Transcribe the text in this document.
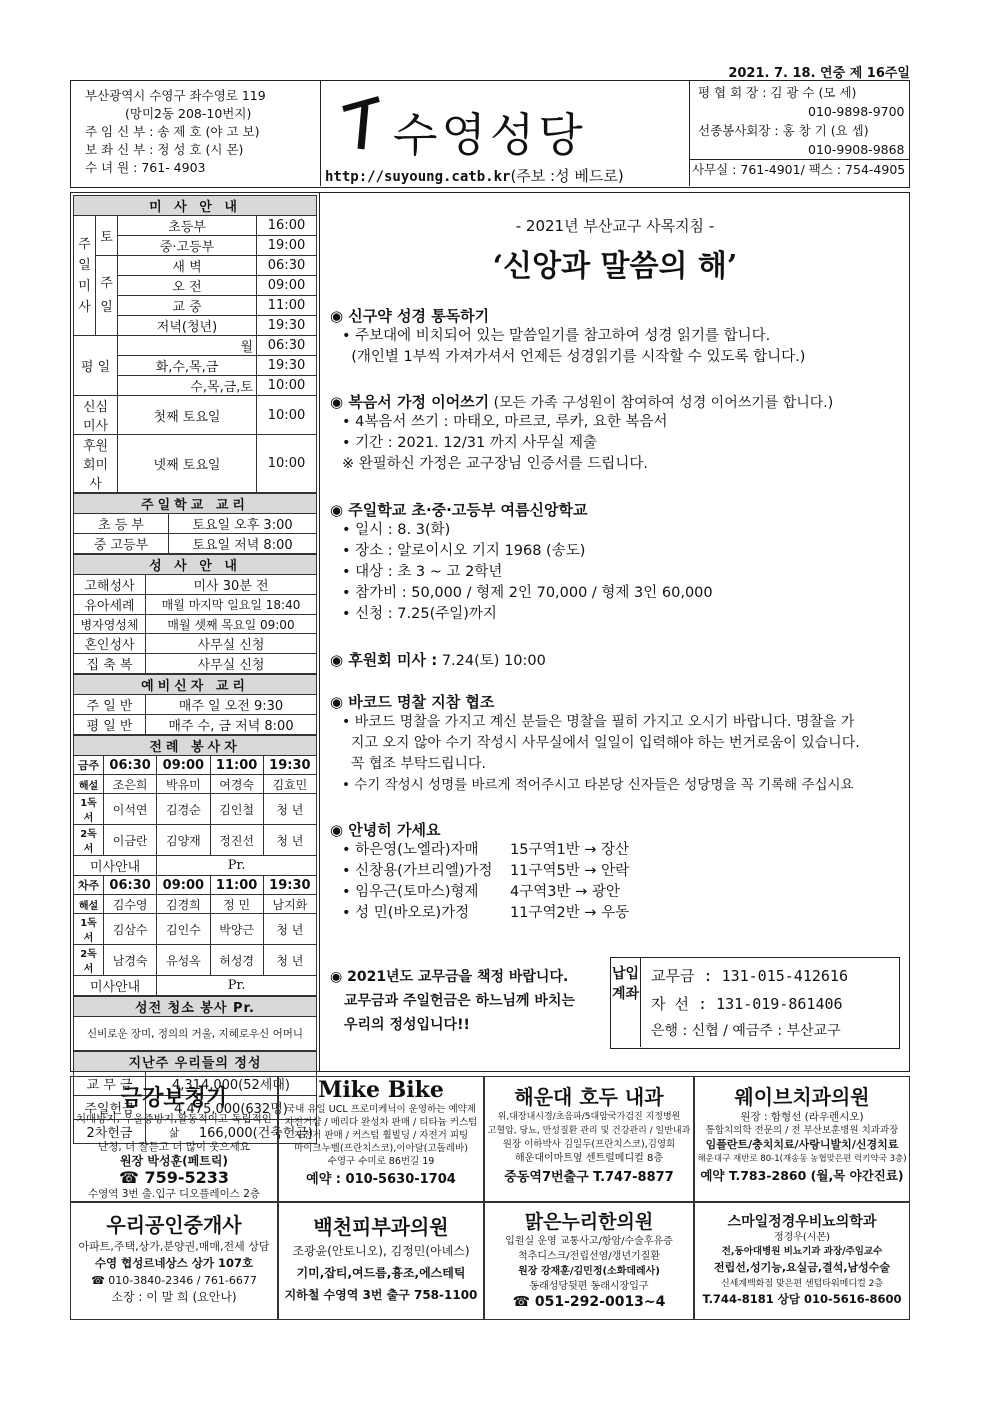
2021. 7. 18. 연중 제 16주일
부산광역시 수영구 좌수영로 119
(망미2동 208-10번지)
주 임 신 부 : 송 제 호 (야 고 보)
보 좌 신 부 : 정 성 호 (시 몬)
수 녀 원 : 761- 4903
수영성당
http://suyoung.catb.kr(주보 :성 베드로)
평 협 회 장 : 김 광 수 (모 세)
010-9898-9700
선종봉사회장 : 홍 창 기 (요 셉)
010-9908-9868
사무실 : 761-4901/ 팩스 : 754-4905
미 사 안 내			
주
일
미
사	토	초등부	16:00
		중·고등부	19:00
	주
일	새 벽	06:30
		오 전	09:00
		교 중	11:00
		저녁(청년)	19:30
평 일		월	06:30
		화,수,목,금	19:30
		수,목,금,토	10:00
신심미사		첫째 토요일	10:00
후원회미사		넷째 토요일	10:00
주일학교 교리	
초 등 부	토요일 오후 3:00
중 고등부	토요일 저녁 8:00
성 사 안 내	
고해성사	미사 30분 전
유아세례	매월 마지막 일요일 18:40
병자영성체	매월 셋째 목요일 09:00
혼인성사	사무실 신청
집 축 복	사무실 신청
예비신자 교리	
주 일 반	매주 일 오전 9:30
평 일 반	매주 수, 금 저녁 8:00
전례 봉사자				
금주	06:30	09:00	11:00	19:30
해설	조은희	박유미	여경숙	김효민
1독서	이석연	김경순	김인철	청 년
2독서	이금란	김양재	정진선	청 년
미사안내		Pr.		
차주	06:30	09:00	11:00	19:30
해설	김수영	김경희	정 민	남지화
1독서	김삼수	김인수	박양근	청 년
2독서	남경숙	유성옥	허성경	청 년
미사안내		Pr.		
성전 청소 봉사 Pr.
신비로운 장미, 정의의 거울, 지혜로우신 어머니
지난주 우리들의 정성	
교 무 금	4,314,000(52세대)
주일헌금	4,475,000(632명)
2차헌금	166,000(건축헌금)
- 2021년 부산교구 사목지침 -
‘신앙과 말씀의 해’
◉ 신구약 성경 통독하기
• 주보대에 비치되어 있는 말씀일기를 참고하여 성경 읽기를 합니다.
(개인별 1부씩 가져가셔서 언제든 성경읽기를 시작할 수 있도록 합니다.)
◉ 복음서 가정 이어쓰기 (모든 가족 구성원이 참여하여 성경 이어쓰기를 합니다.)
• 4복음서 쓰기 : 마태오, 마르코, 루카, 요한 복음서
• 기간 : 2021. 12/31 까지 사무실 제출
※ 완필하신 가정은 교구장님 인증서를 드립니다.
◉ 주일학교 초·중·고등부 여름신앙학교
• 일시 : 8. 3(화)
• 장소 : 알로이시오 기지 1968 (송도)
• 대상 : 초 3 ~ 고 2학년
• 참가비 : 50,000 / 형제 2인 70,000 / 형제 3인 60,000
• 신청 : 7.25(주일)까지
◉ 후원회 미사 : 7.24(토) 10:00
◉ 바코드 명찰 지참 협조
• 바코드 명찰을 가지고 계신 분들은 명찰을 필히 가지고 오시기 바랍니다. 명찰을 가
지고 오지 않아 수기 작성시 사무실에서 일일이 입력해야 하는 번거로움이 있습니다.
꼭 협조 부탁드립니다.
• 수기 작성시 성명를 바르게 적어주시고 타본당 신자들은 성당명을 꼭 기록해 주십시요
◉ 안녕히 가세요
• 하은영(노엘라)자매 15구역1반 → 장산
• 신창용(가브리엘)가정 11구역5반 → 안락
• 임우근(토마스)형제 4구역3반 → 광안
• 성 민(바오로)가정	11구역2반 → 우동
◉ 2021년도 교무금을 책정 바랍니다.
교무금과 주일헌금은 하느님께 바치는
우리의 정성입니다!!
납입계좌
교무금 : 131-015-412616
자 선 : 131-019-861406
은행 : 신협 / 예금주 : 부산교구
금강보청기
치매방지, 우울증방지,활동적이고 독립적인 삶
난청, 더 잘듣고 더 많이 웃으세요
원장 박성훈(페트릭)
☎ 759-5233
수영역 3번 출.입구 디오플레이스 2층
Mike Bike
국내 유일 UCL 프로미케닉이 운영하는 예약제
자전거샵 / 메리다 완성차 판매 / 티타늄 커스텀
자전거 판매 / 커스텀 휠빌딩 / 자전거 피팅
마이크누벨(프란치스코),이아달(고돌레바)
수영구 수미로 86번길 19
예약 : 010-5630-1704
해운대 호두 내과
위,대장내시경/초음파/5대암국가검진 지정병원
고혈압, 당뇨, 만성질환 관리 및 건강관리 / 일반내과
원장 이하박사 김일두(프란치스코),김영희
해운대이마트옆 센트럴메디컬 8층
중동역7번출구 T.747-8877
웨이브치과의원
원장 : 함형선 (라우렌시오)
통합치의학 전문의 / 전 부산보훈병원 치과과장
임플란트/충치치료/사랑니발치/신경치료
해운대구 재반로 80-1(재송동 농협맞은편 럭키약국 3층)
예약 T.783-2860 (월,목 야간진료)
우리공인중개사
아파트,주택,상가,분양권,매매,전세 상담
수영 협성르네상스 상가 107호
☎ 010-3840-2346 / 761-6677
소장 : 이 말 희 (요안나)
백천피부과의원
조광윤(안토니오), 김정민(아녜스)
기미,잡티,여드름,흉조,에스테틱
지하철 수영역 3번 출구 758-1100
맑은누리한의원
입원실 운영 교통사고/항암/수술후유증
척추디스크/전립선염/갱년기질환
원장 강재훈/김민정(소화데레사)
동래성당뒷편 동래시장입구
☎ 051-292-0013~4
스마일정경우비뇨의학과
정경우(시몬)
전,동아대병원 비뇨기과 과장/주임교수
전립선,성기능,요실금,결석,남성수술
신세계백화점 맞은편 센텀타워메디컬 2층
T.744-8181 상담 010-5616-8600
